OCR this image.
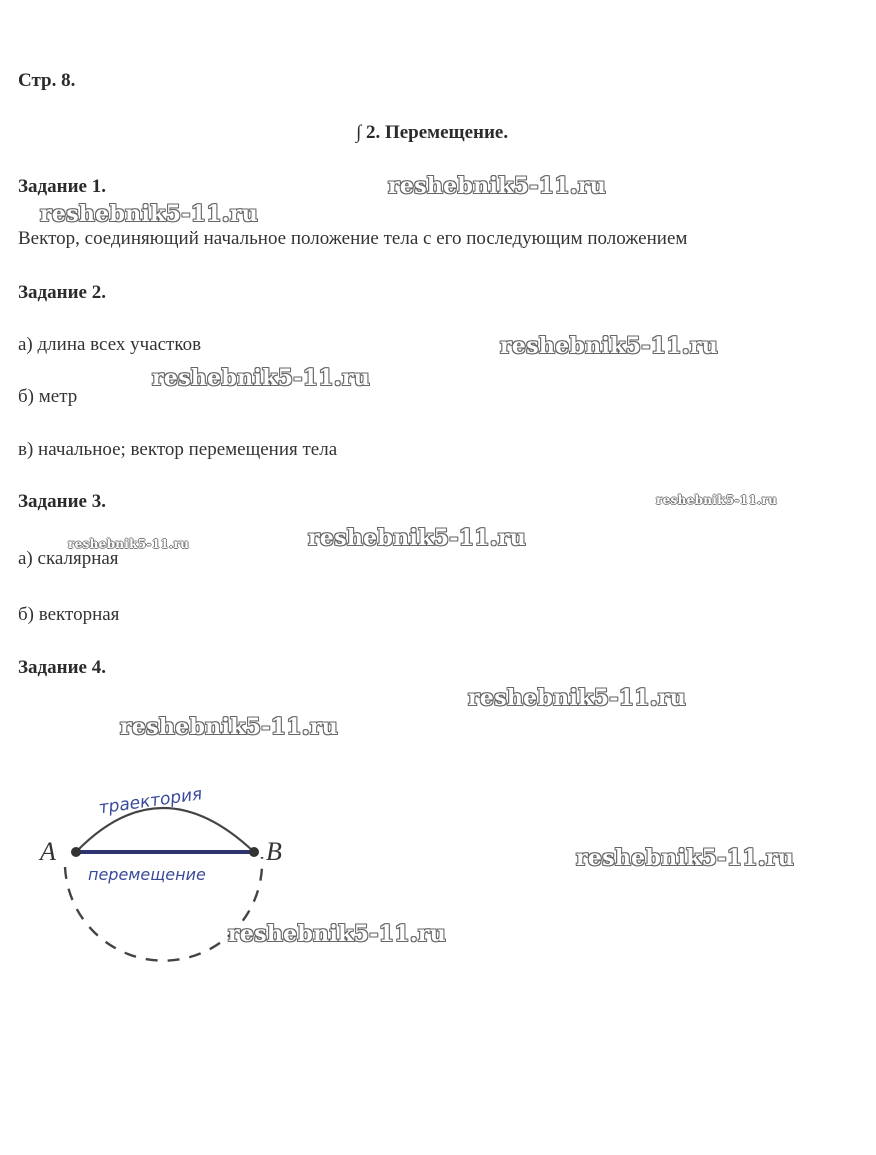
Стр. 8.
∫ 2. Перемещение.
Задание 1.
Вектор, соединяющий начальное положение тела с его последующим положением
Задание 2.
а) длина всех участков
б) метр
в) начальное; вектор перемещения тела
Задание 3.
а) скалярная
б) векторная
Задание 4.
A	B
траектория
перемещение
reshebnik5-11.ru
reshebnik5-11.ru
reshebnik5-11.ru
reshebnik5-11.ru
reshebnik5-11.ru
reshebnik5-11.ru	reshebnik5-11.ru
reshebnik5-11.ru
reshebnik5-11.ru
reshebnik5-11.ru
reshebnik5-11.ru
